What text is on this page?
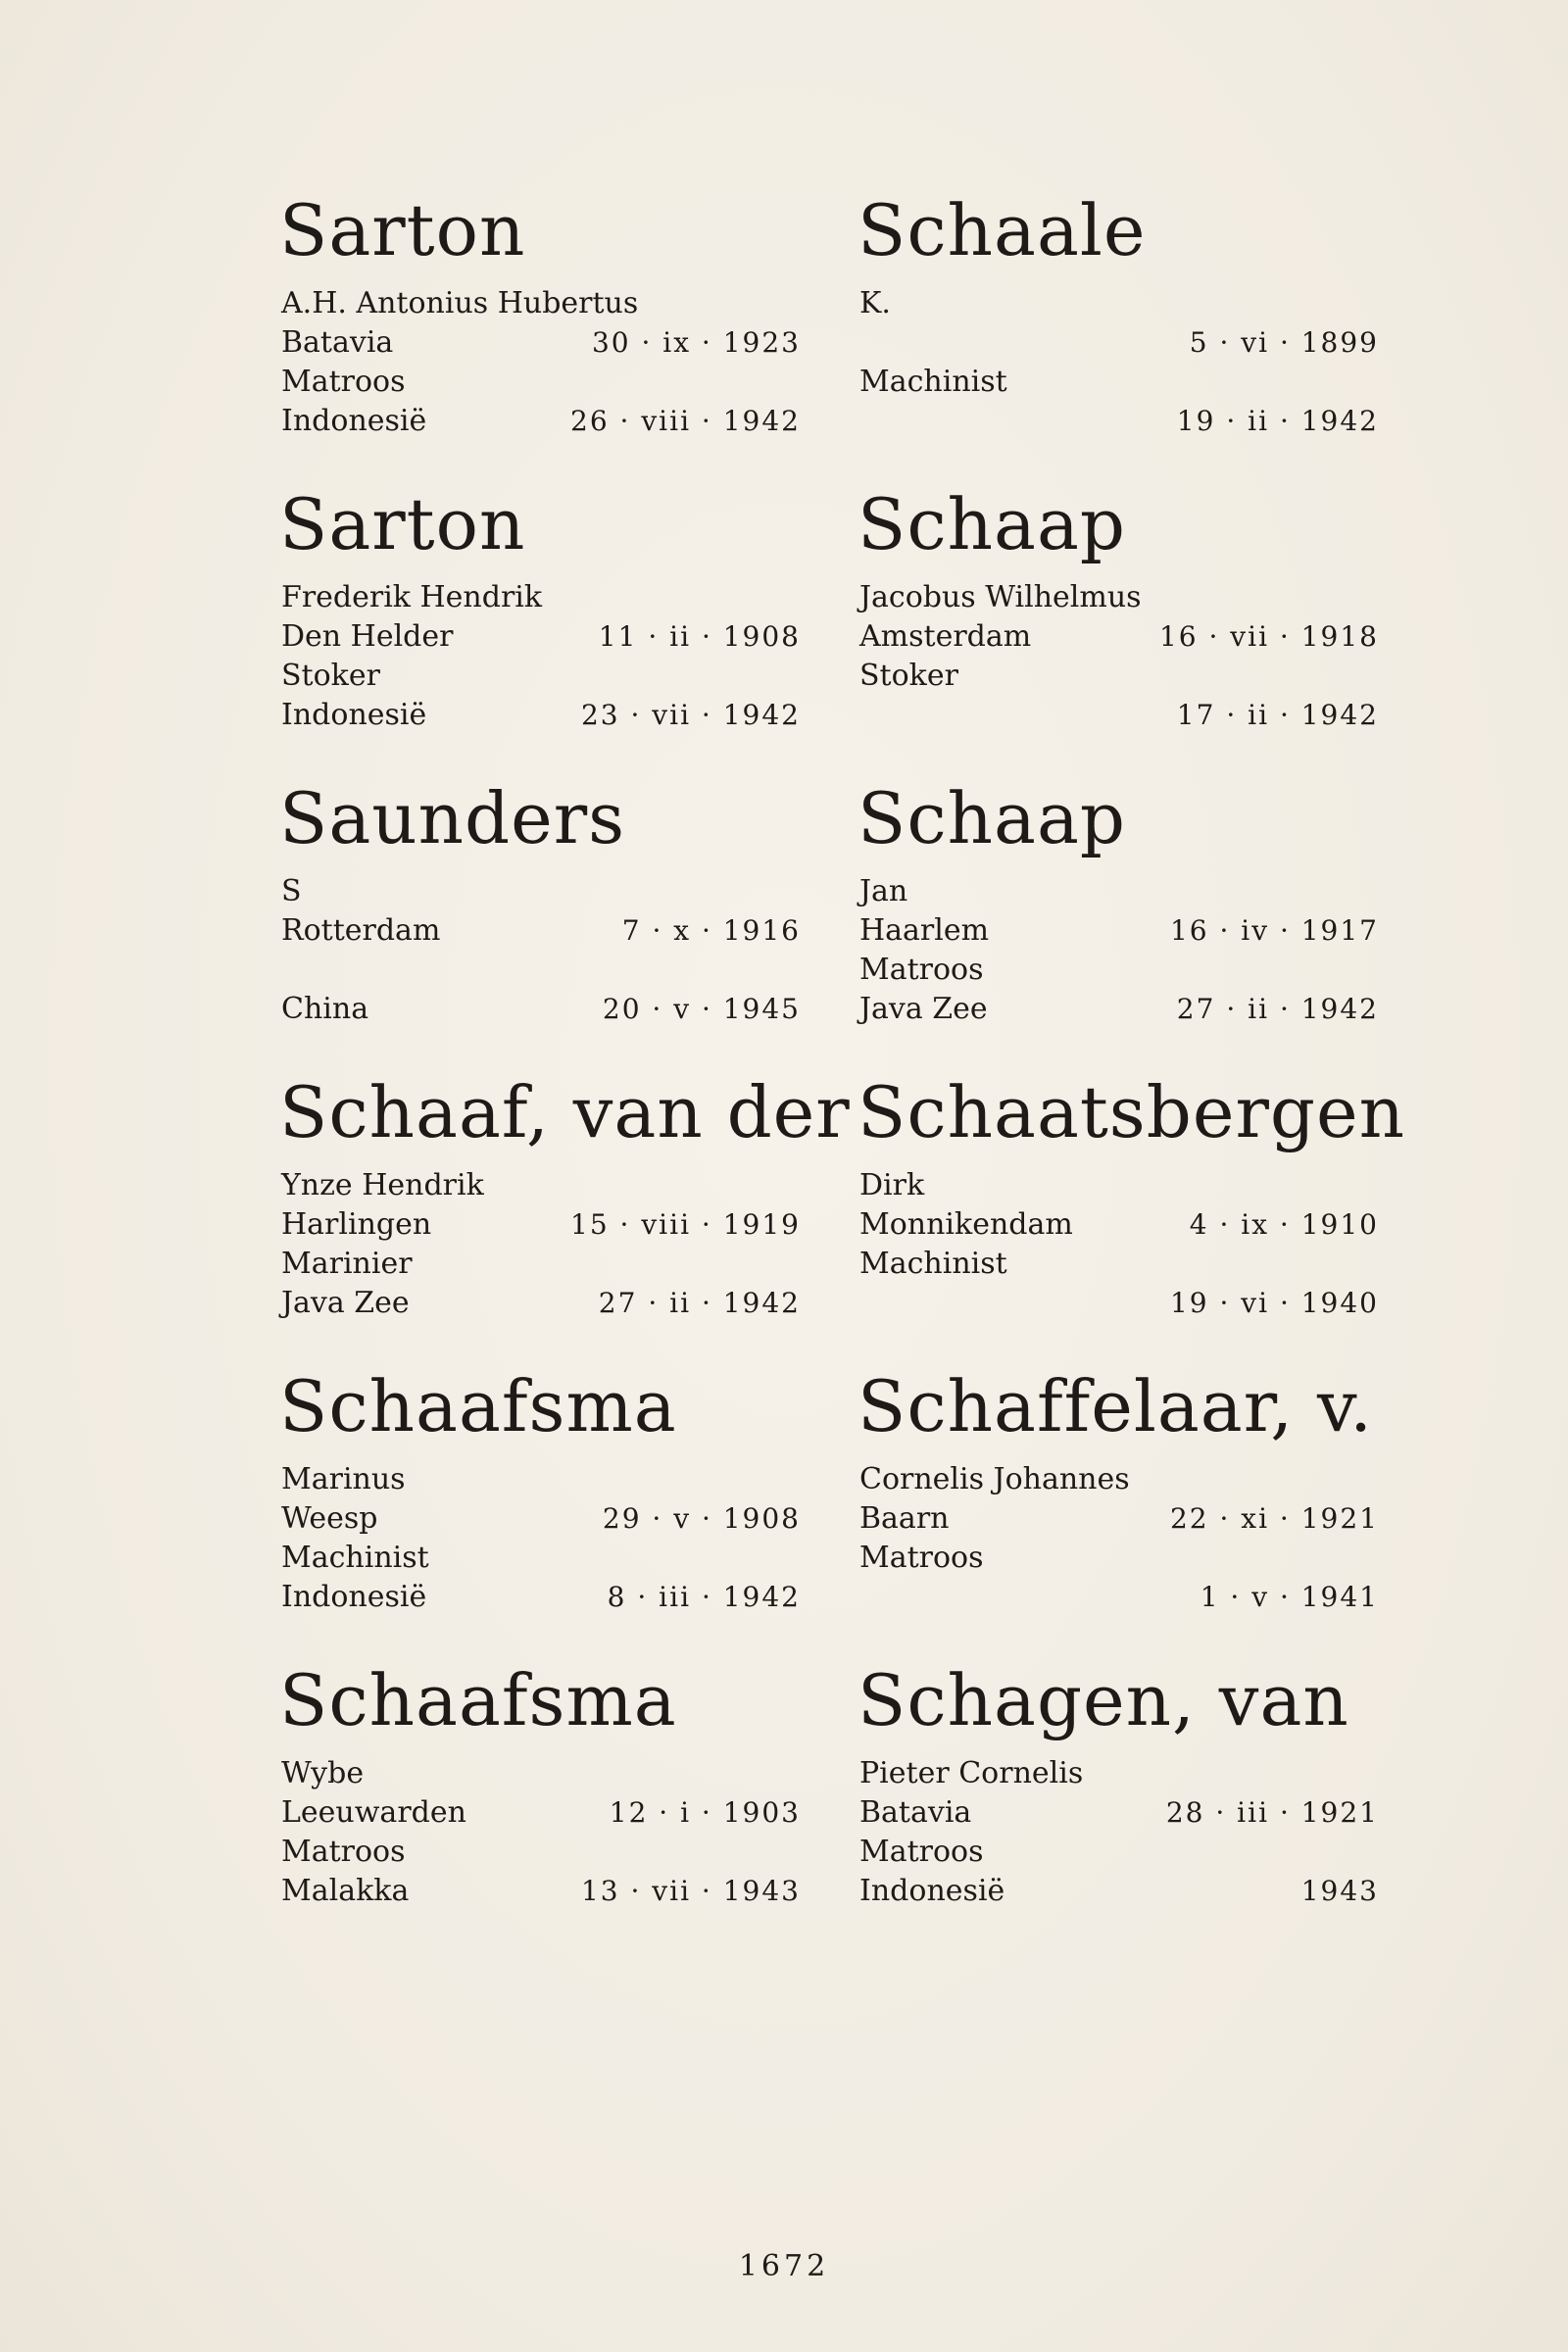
Sarton
A.H. Antonius Hubertus
Batavia	30 · ix · 1923
Matroos
Indonesië	26 · viii · 1942
Sarton
Frederik Hendrik
Den Helder	11 · ii · 1908
Stoker
Indonesië	23 · vii · 1942
Saunders
S
Rotterdam	7 · x · 1916
China	20 · v · 1945
Schaaf, van der
Ynze Hendrik
Harlingen	15 · viii · 1919
Marinier
Java Zee	27 · ii · 1942
Schaafsma
Marinus
Weesp	29 · v · 1908
Machinist
Indonesië	8 · iii · 1942
Schaafsma
Wybe
Leeuwarden	12 · i · 1903
Matroos
Malakka	13 · vii · 1943
Schaale
K.
5 · vi · 1899
Machinist
19 · ii · 1942
Schaap
Jacobus Wilhelmus
Amsterdam	16 · vii · 1918
Stoker
17 · ii · 1942
Schaap
Jan
Haarlem	16 · iv · 1917
Matroos
Java Zee	27 · ii · 1942
Schaatsbergen
Dirk
Monnikendam	4 · ix · 1910
Machinist
19 · vi · 1940
Schaffelaar, v.
Cornelis Johannes
Baarn	22 · xi · 1921
Matroos
1 · v · 1941
Schagen, van
Pieter Cornelis
Batavia	28 · iii · 1921
Matroos
Indonesië	1943
1672
